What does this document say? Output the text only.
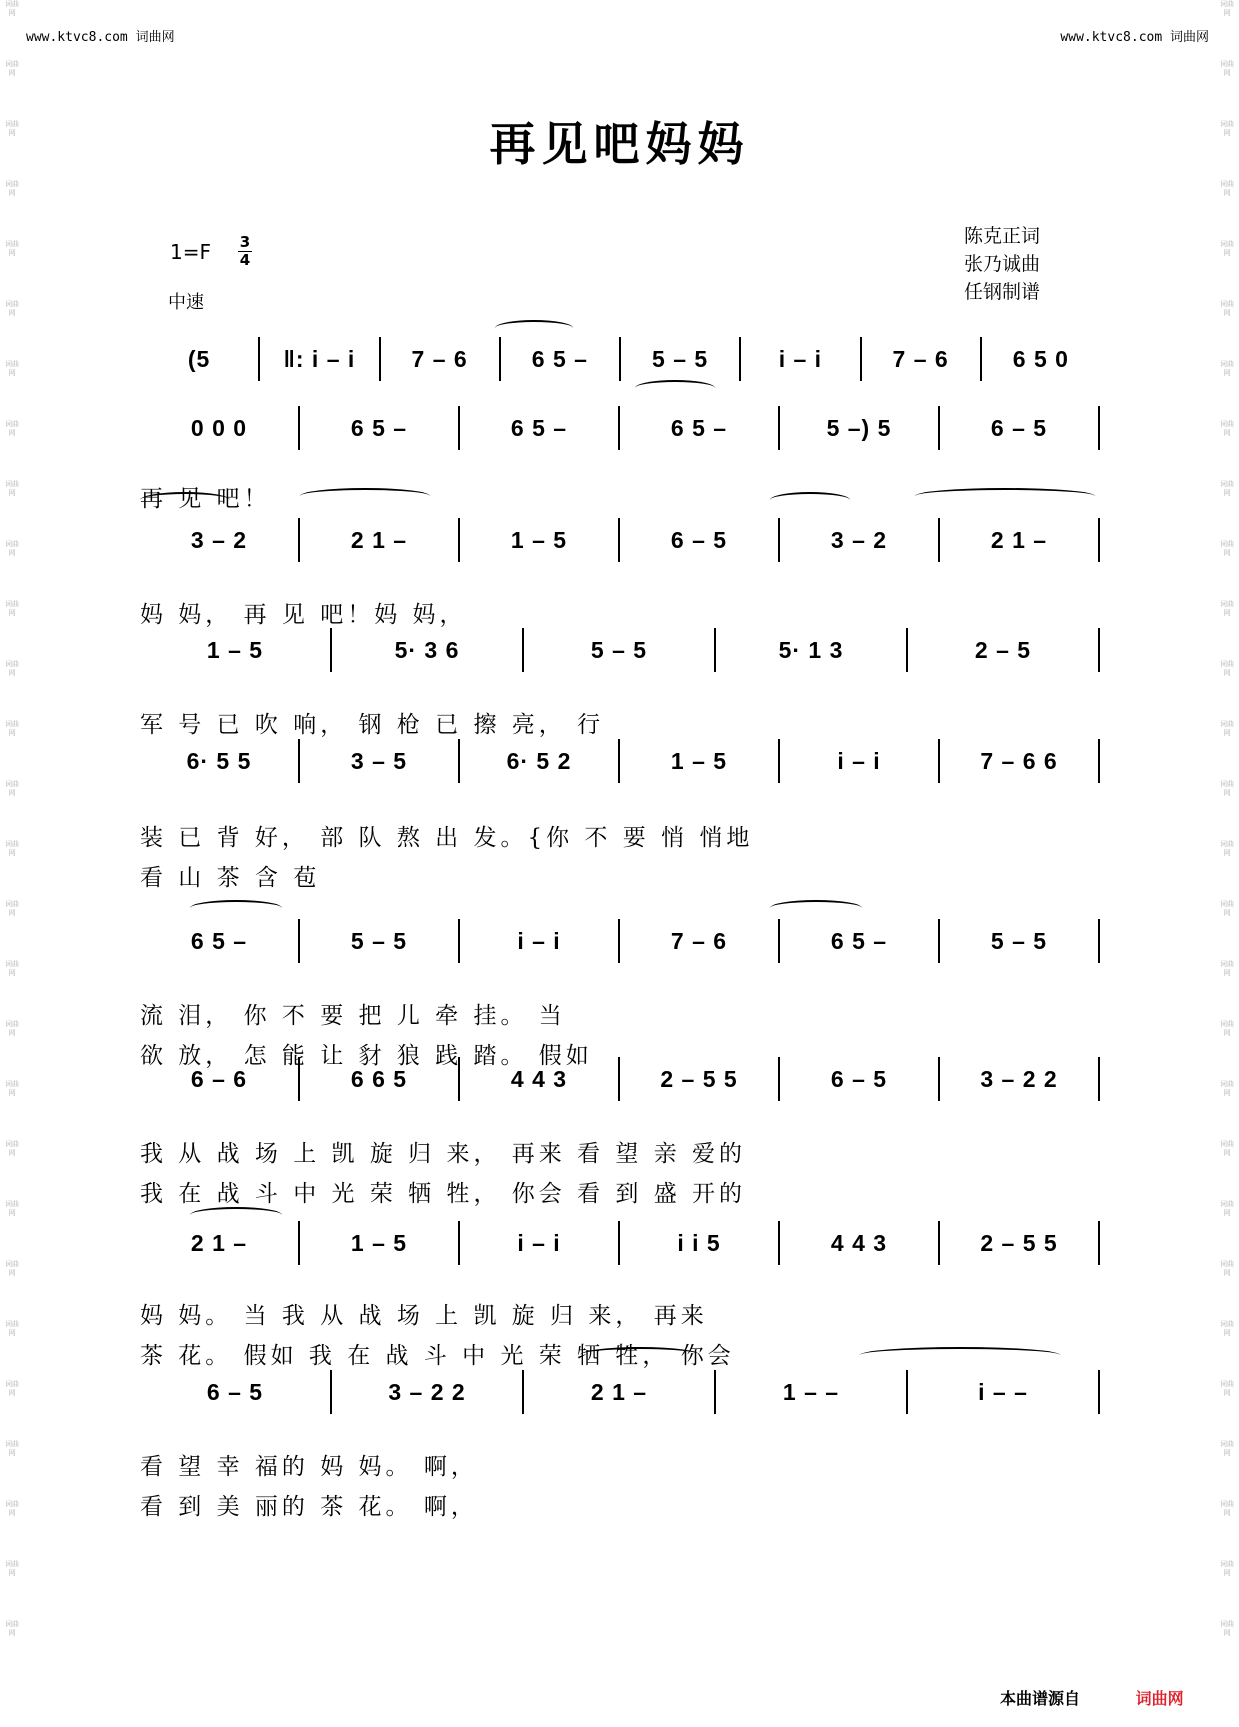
词曲网
词曲网
词曲网
词曲网
词曲网
词曲网
词曲网
词曲网
词曲网
词曲网
词曲网
词曲网
词曲网
词曲网
词曲网
词曲网
词曲网
词曲网
词曲网
词曲网
词曲网
词曲网
词曲网
词曲网
词曲网
词曲网
词曲网
词曲网
词曲网
词曲网
词曲网
词曲网
词曲网
词曲网
词曲网
词曲网
词曲网
词曲网
词曲网
词曲网
词曲网
词曲网
词曲网
词曲网
词曲网
词曲网
词曲网
词曲网
词曲网
词曲网
词曲网
词曲网
词曲网
词曲网
词曲网
词曲网
www.ktvc8.com 词曲网	www.ktvc8.com 词曲网
再见吧妈妈
1=F 3
4
中速
陈克正词
张乃诚曲
任钢制谱
(5	‖: i – i	7 – 6	6 5 –	5 – 5	i – i	7 – 6	6 5 0
0 0 0	6 5 –	6 5 –	6 5 –	5 –) 5	6 – 5
再 见 吧！
3 – 2	2 1 –	1 – 5	6 – 5	3 – 2	2 1 –
妈 妈， 再 见 吧！妈 妈，
1 – 5	5· 3 6	5 – 5	5· 1 3	2 – 5
军 号 已 吹 响， 钢 枪 已 擦 亮， 行
6· 5 5	3 – 5	6· 5 2	1 – 5	i – i	7 – 6 6
装 已 背 好， 部 队 熬 出 发。{你 不 要 悄 悄地
看 山 茶 含 苞
6 5 –	5 – 5	i – i	7 – 6	6 5 –	5 – 5
流 泪， 你 不 要 把 儿 牵 挂。 当
欲 放， 怎 能 让 豺 狼 践 踏。 假如
6 – 6	6 6 5	4 4 3	2 – 5 5	6 – 5	3 – 2 2
我 从 战 场 上 凯 旋 归 来， 再来 看 望 亲 爱的
我 在 战 斗 中 光 荣 牺 牲， 你会 看 到 盛 开的
2 1 –	1 – 5	i – i	i i 5	4 4 3	2 – 5 5
妈 妈。 当 我 从 战 场 上 凯 旋 归 来， 再来
茶 花。 假如 我 在 战 斗 中 光 荣 牺 牲， 你会
6 – 5	3 – 2 2	2 1 –	1 – –	i – –
看 望 幸 福的 妈 妈。 啊，
看 到 美 丽的 茶 花。 啊，
本曲谱源自	词曲网
